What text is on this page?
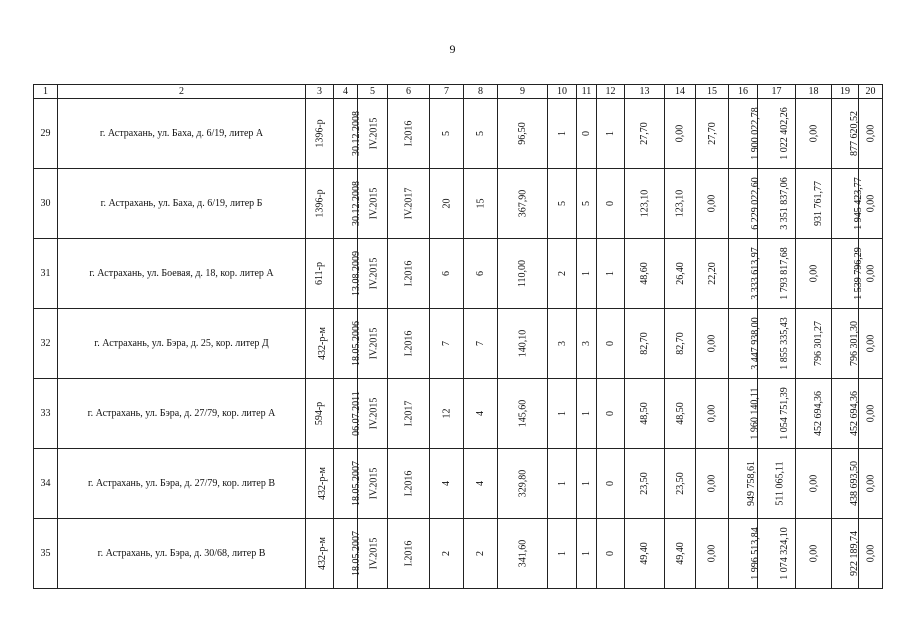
9
1	2	3	4	5	6	7	8	9	10	11	12	13	14	15	16	17	18	19	20
29	г. Астрахань, ул. Баха, д. 6/19, литер А	1396-р	30.12.2008	IV.2015	I.2016	5	5	96,50	1	0	1	27,70	0,00	27,70	1 900 022,78	1 022 402,26	0,00	877 620,52	0,00
30	г. Астрахань, ул. Баха, д. 6/19, литер Б	1396-р	30.12.2008	IV.2015	IV.2017	20	15	367,90	5	5	0	123,10	123,10	0,00	6 229 022,60	3 351 837,06	931 761,77	1 945 423,77	0,00
31	г. Астрахань, ул. Боевая, д. 18, кор. литер А	611-р	13.08.2009	IV.2015	I.2016	6	6	110,00	2	1	1	48,60	26,40	22,20	3 333 613,97	1 793 817,68	0,00	1 539 796,29	0,00
32	г. Астрахань, ул. Бэра, д. 25, кор. литер Д	432-р-м	18.05.2006	IV.2015	I.2016	7	7	140,10	3	3	0	82,70	82,70	0,00	3 447 938,00	1 855 335,43	796 301,27	796 301,30	0,00
33	г. Астрахань, ул. Бэра, д. 27/79, кор. литер А	594-р	06.07.2011	IV.2015	I.2017	12	4	145,60	1	1	0	48,50	48,50	0,00	1 960 140,11	1 054 751,39	452 694,36	452 694,36	0,00
34	г. Астрахань, ул. Бэра, д. 27/79, кор. литер В	432-р-м	18.05.2007	IV.2015	I.2016	4	4	329,80	1	1	0	23,50	23,50	0,00	949 758,61	511 065,11	0,00	438 693,50	0,00
35	г. Астрахань, ул. Бэра, д. 30/68, литер В	432-р-м	18.05.2007	IV.2015	I.2016	2	2	341,60	1	1	0	49,40	49,40	0,00	1 996 513,84	1 074 324,10	0,00	922 189,74	0,00
